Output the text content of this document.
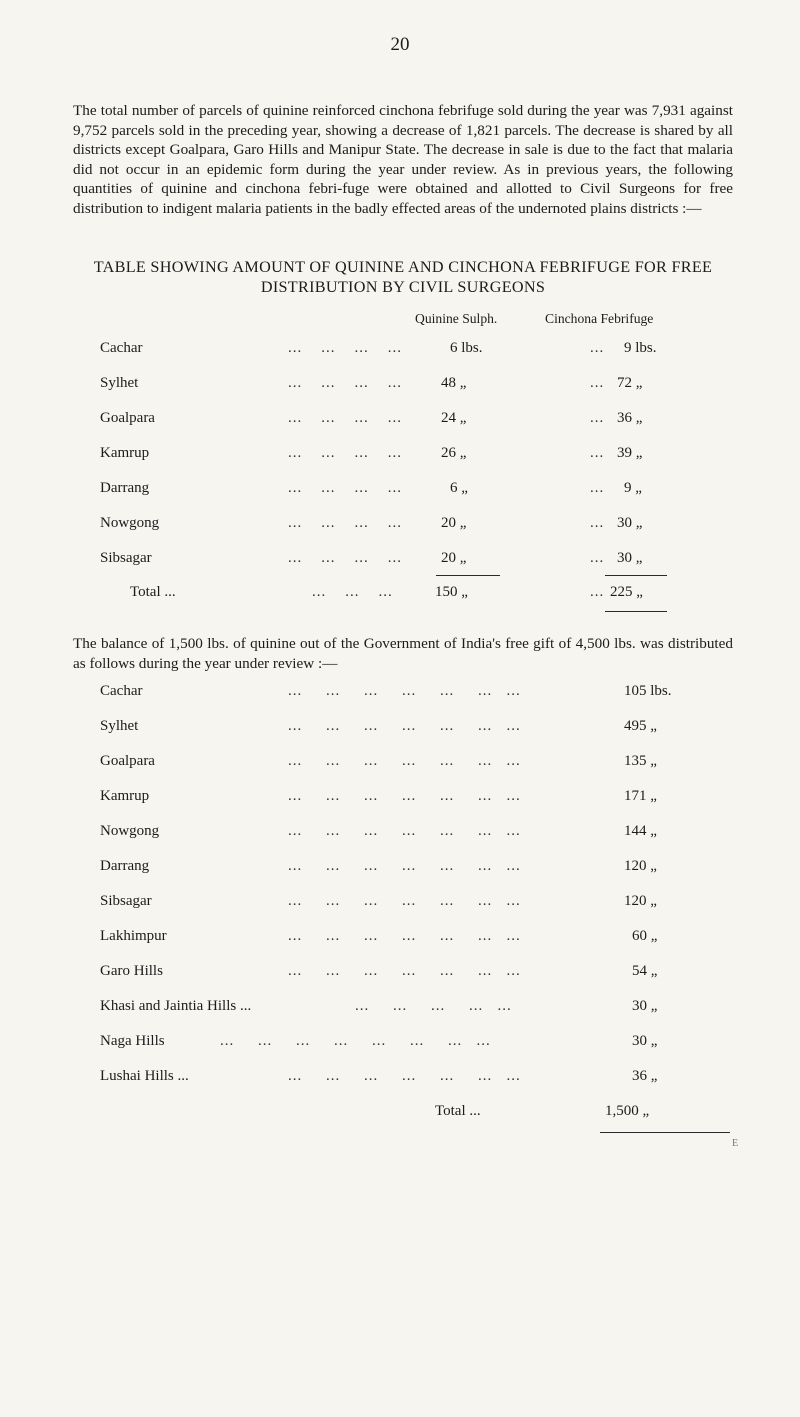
20

The total number of parcels of quinine reinforced cinchona febrifuge sold during the year was 7,931 against 9,752 parcels sold in the preceding year, showing a decrease of 1,821 parcels. The decrease is shared by all districts except Goalpara, Garo Hills and Manipur State. The decrease in sale is due to the fact that malaria did not occur in an epidemic form during the year under review. As in previous years, the following quantities of quinine and cinchona febri-fuge were obtained and allotted to Civil Surgeons for free distribution to indigent malaria patients in the badly effected areas of the undernoted plains districts :—

TABLE SHOWING AMOUNT OF QUININE AND CINCHONA FEBRIFUGE FOR FREE

DISTRIBUTION BY CIVIL SURGEONS

Quinine Sulph.	Cinchona Febrifuge
Cachar	...    ...    ...    ...	6 lbs.	... 9 lbs.
Sylhet	...    ...    ...    ...	48 „	... 72 „
Goalpara	...    ...    ...    ...	24 „	... 36 „
Kamrup	...    ...    ...    ...	26 „	... 39 „
Darrang	...    ...    ...    ...	6 „	... 9 „
Nowgong	...    ...    ...    ...	20 „	... 30 „
Sibsagar	...    ...    ...    ...	20 „	... 30 „
Total ...	...    ...    ...	150 „	... 225 „

The balance of 1,500 lbs. of quinine out of the Government of India's free gift of 4,500 lbs. was distributed as follows during the year under review :—

Cachar	...     ...     ...     ...     ...     ...   ...	105 lbs.
Sylhet	...     ...     ...     ...     ...     ...   ...	495 „
Goalpara	...     ...     ...     ...     ...     ...   ...	135 „
Kamrup	...     ...     ...     ...     ...     ...   ...	171 „
Nowgong	...     ...     ...     ...     ...     ...   ...	144 „
Darrang	...     ...     ...     ...     ...     ...   ...	120 „
Sibsagar	...     ...     ...     ...     ...     ...   ...	120 „
Lakhimpur	...     ...     ...     ...     ...     ...   ...	60 „
Garo Hills	...     ...     ...     ...     ...     ...   ...	54 „
Khasi and Jaintia Hills ...	...     ...     ...     ...   ...	30 „
Naga Hills	...     ...     ...     ...     ...     ...     ...   ...	30 „
Lushai Hills ...	...     ...     ...     ...     ...     ...   ...	36 „
Total ...	1,500 „
E
